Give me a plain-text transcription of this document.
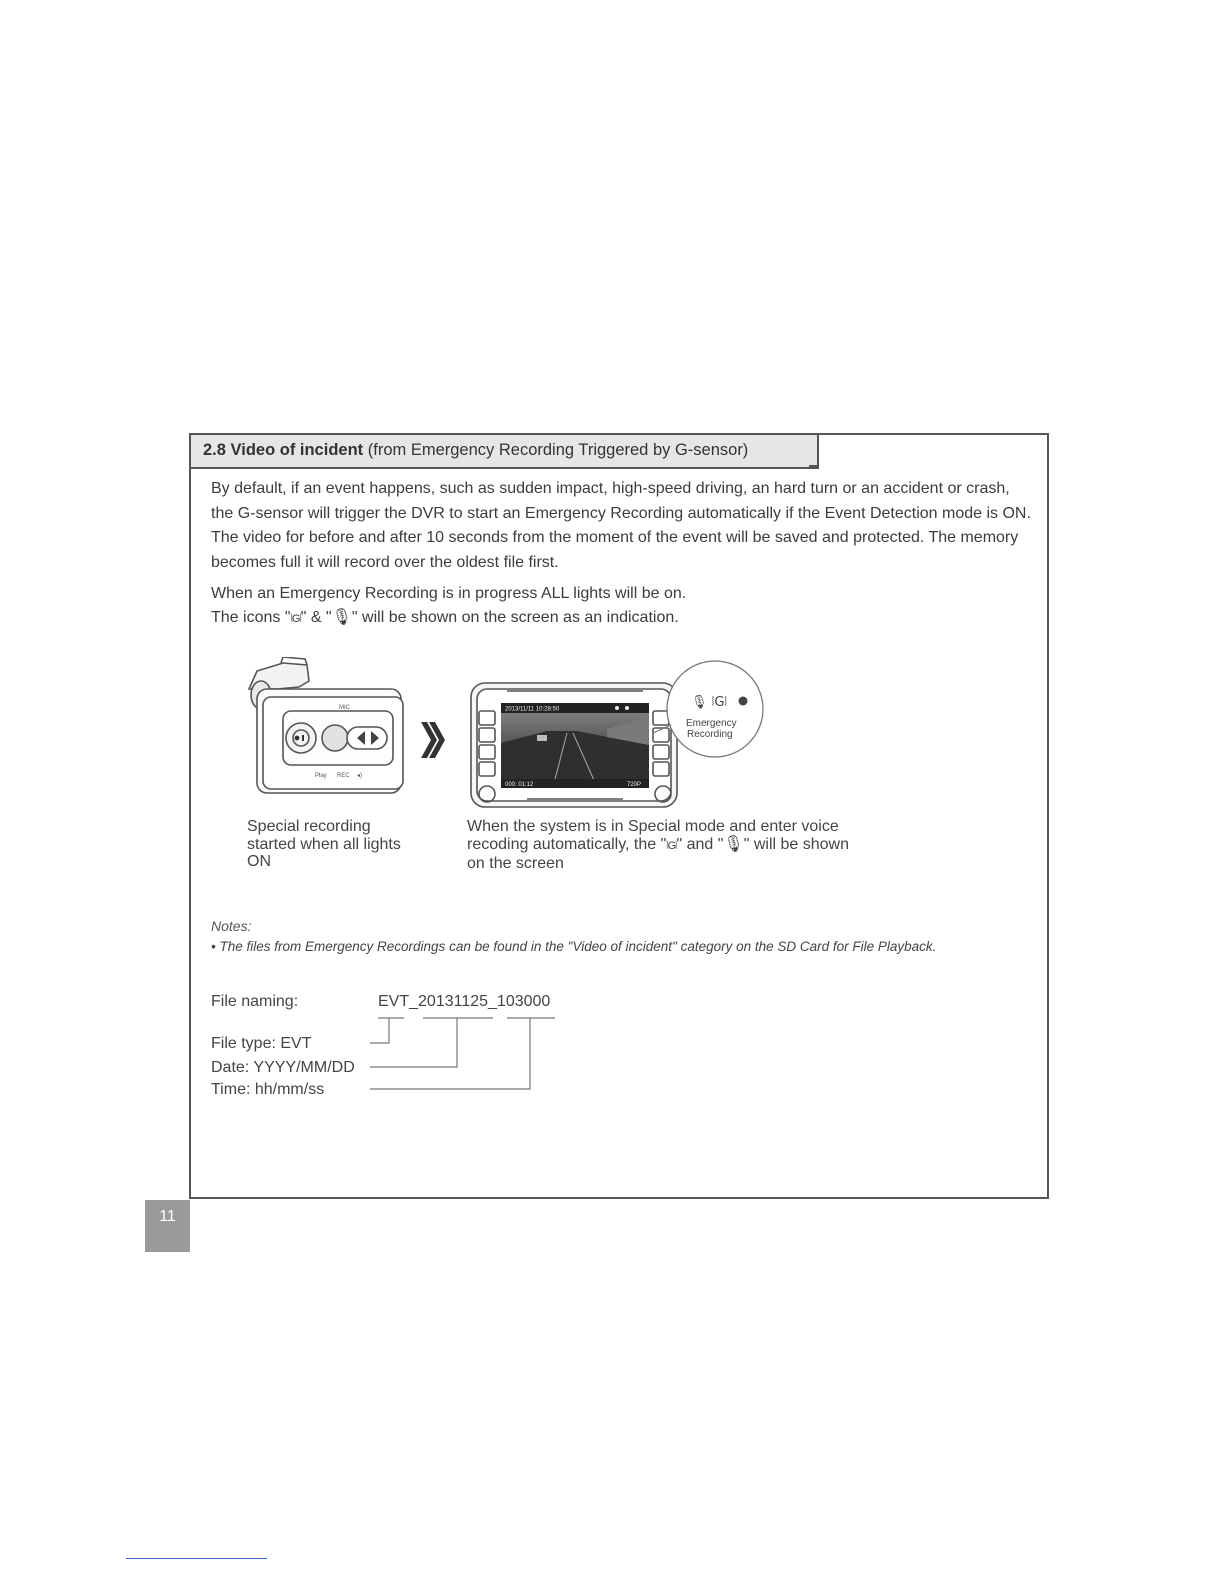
2.8 Video of incident (from Emergency Recording Triggered by G-sensor)
By default, if an event happens, such as sudden impact, high-speed driving, an hard turn or an accident or crash, the G-sensor will trigger the DVR to start an Emergency Recording automatically if the Event Detection mode is ON. The video for before and after 10 seconds from the moment of the event will be saved and protected. The memory becomes full it will record over the oldest file first.
When an Emergency Recording is in progress ALL lights will be on.
The icons "⦚G⦚" & "🎙︎" will be shown on the screen as an indication.
MIC
Play REC ◂)
2013/11/11 10:28:50
000: 01:12	720P
🎙︎ ⦚G⦚
Emergency
Recording
Special recording
started when all lights
ON
When the system is in Special mode and enter voice
recoding automatically, the "⦚G⦚" and "🎙︎" will be shown
on the screen
Notes:
• The files from Emergency Recordings can be found in the "Video of incident" category on the SD Card for File Playback.
File naming:	EVT_20131125_103000
File type: EVT
Date: YYYY/MM/DD
Time: hh/mm/ss
11
